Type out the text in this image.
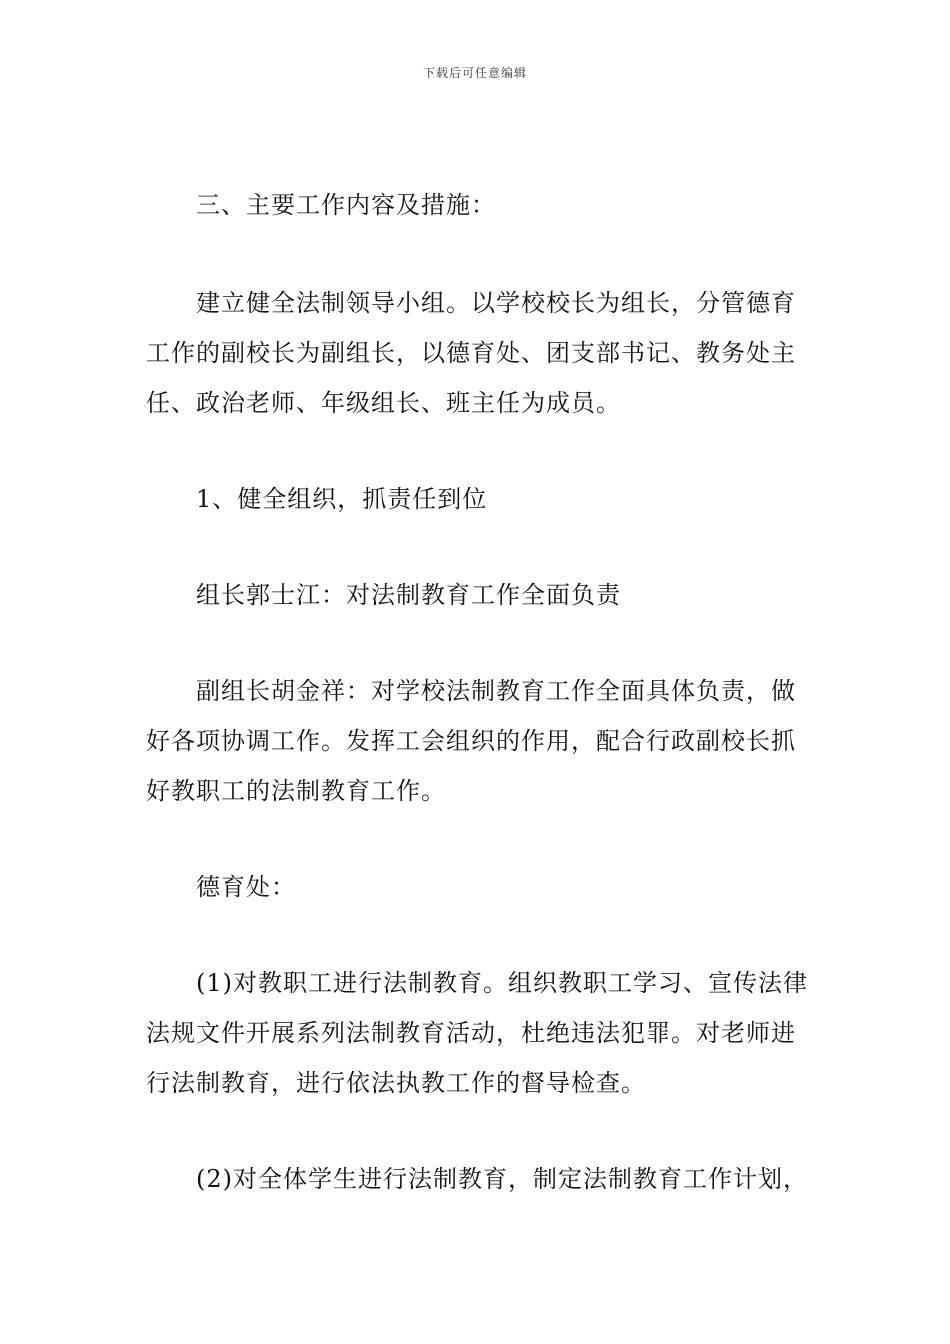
下载后可任意编辑

三、主要工作内容及措施：

建立健全法制领导小组。以学校校长为组长，分管德育工作的副校长为副组长，以德育处、团支部书记、教务处主任、政治老师、年级组长、班主任为成员。

1、健全组织，抓责任到位

组长郭士江：对法制教育工作全面负责

副组长胡金祥：对学校法制教育工作全面具体负责，做好各项协调工作。发挥工会组织的作用，配合行政副校长抓好教职工的法制教育工作。

德育处：

(1)对教职工进行法制教育。组织教职工学习、宣传法律法规文件开展系列法制教育活动，杜绝违法犯罪。对老师进行法制教育，进行依法执教工作的督导检查。

(2)对全体学生进行法制教育，制定法制教育工作计划，
